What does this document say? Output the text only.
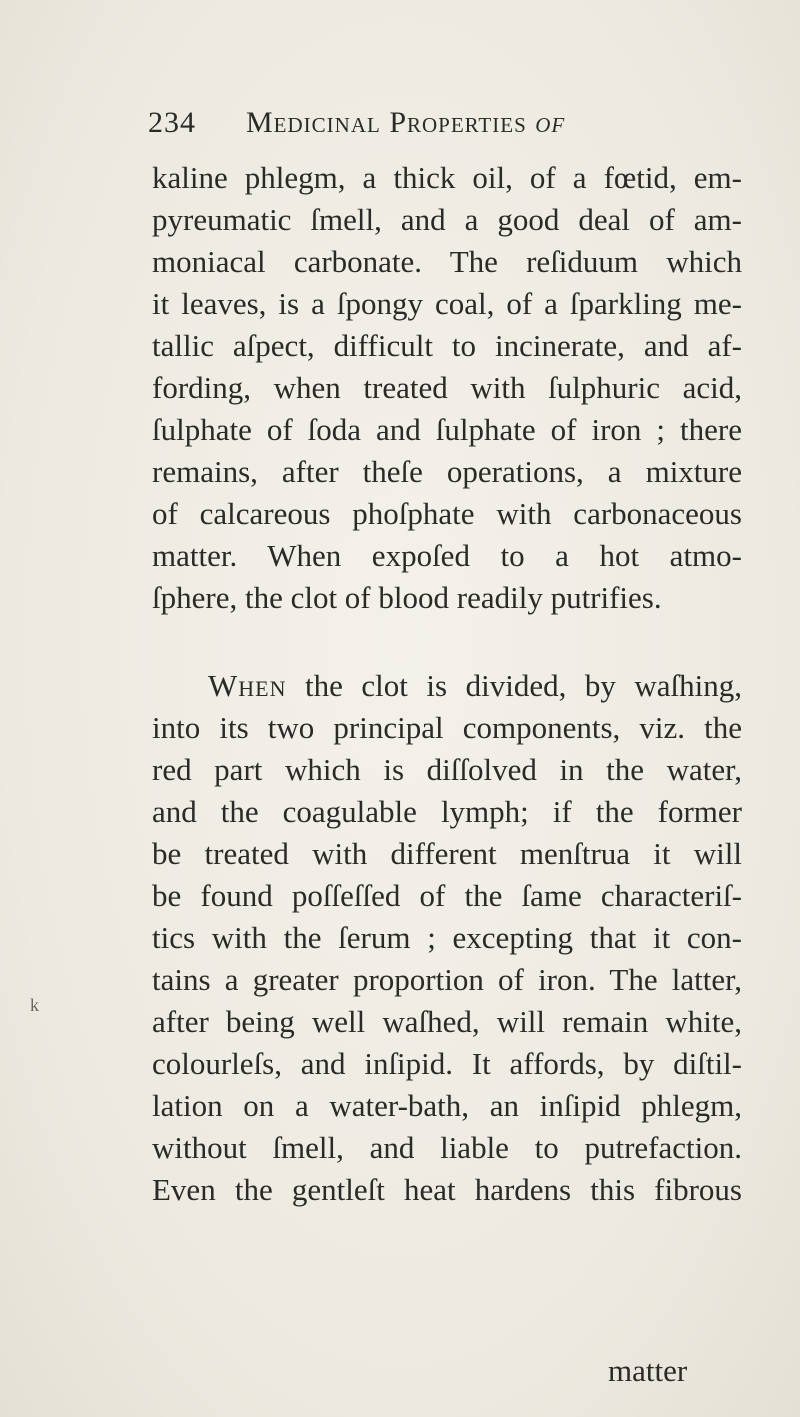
234 Medicinal Properties of
kaline phlegm, a thick oil, of a fœtid, em-
pyreumatic ſmell, and a good deal of am-
moniacal carbonate. The reſiduum which
it leaves, is a ſpongy coal, of a ſparkling me-
tallic aſpect, difficult to incinerate, and af-
fording, when treated with ſulphuric acid,
ſulphate of ſoda and ſulphate of iron ; there
remains, after theſe operations, a mixture
of calcareous phoſphate with carbonaceous
matter. When expoſed to a hot atmo-
ſphere, the clot of blood readily putrifies.
When the clot is divided, by waſhing,
into its two principal components, viz. the
red part which is diſſolved in the water,
and the coagulable lymph; if the former
be treated with different menſtrua it will
be found poſſeſſed of the ſame characteriſ-
tics with the ſerum ; excepting that it con-
tains a greater proportion of iron. The latter,
after being well waſhed, will remain white,
colourleſs, and inſipid. It affords, by diſtil-
lation on a water-bath, an inſipid phlegm,
without ſmell, and liable to putrefaction.
Even the gentleſt heat hardens this fibrous
matter
k
